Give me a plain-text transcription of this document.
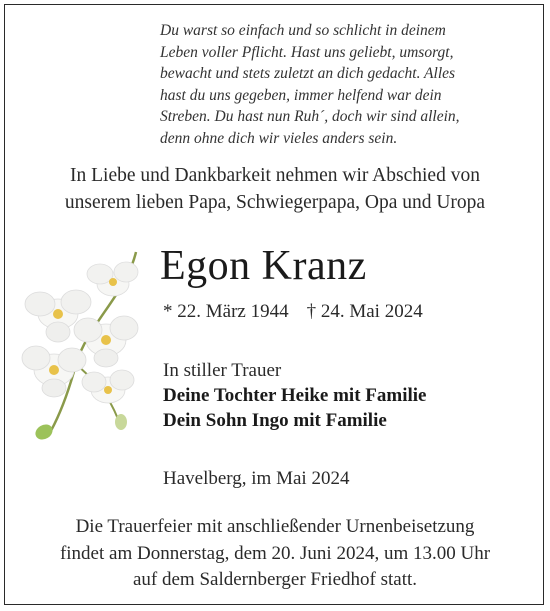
Du warst so einfach und so schlicht in deinem
Leben voller Pflicht. Hast uns geliebt, umsorgt,
bewacht und stets zuletzt an dich gedacht. Alles
hast du uns gegeben, immer helfend war dein
Streben. Du hast nun Ruh´, doch wir sind allein,
denn ohne dich wir vieles anders sein.
In Liebe und Dankbarkeit nehmen wir Abschied von
unserem lieben Papa, Schwiegerpapa, Opa und Uropa
Egon Kranz
* 22. März 1944 † 24. Mai 2024
In stiller Trauer
Deine Tochter Heike mit Familie
Dein Sohn Ingo mit Familie
Havelberg, im Mai 2024
Die Trauerfeier mit anschließender Urnenbeisetzung
findet am Donnerstag, dem 20. Juni 2024, um 13.00 Uhr
auf dem Saldernberger Friedhof statt.
